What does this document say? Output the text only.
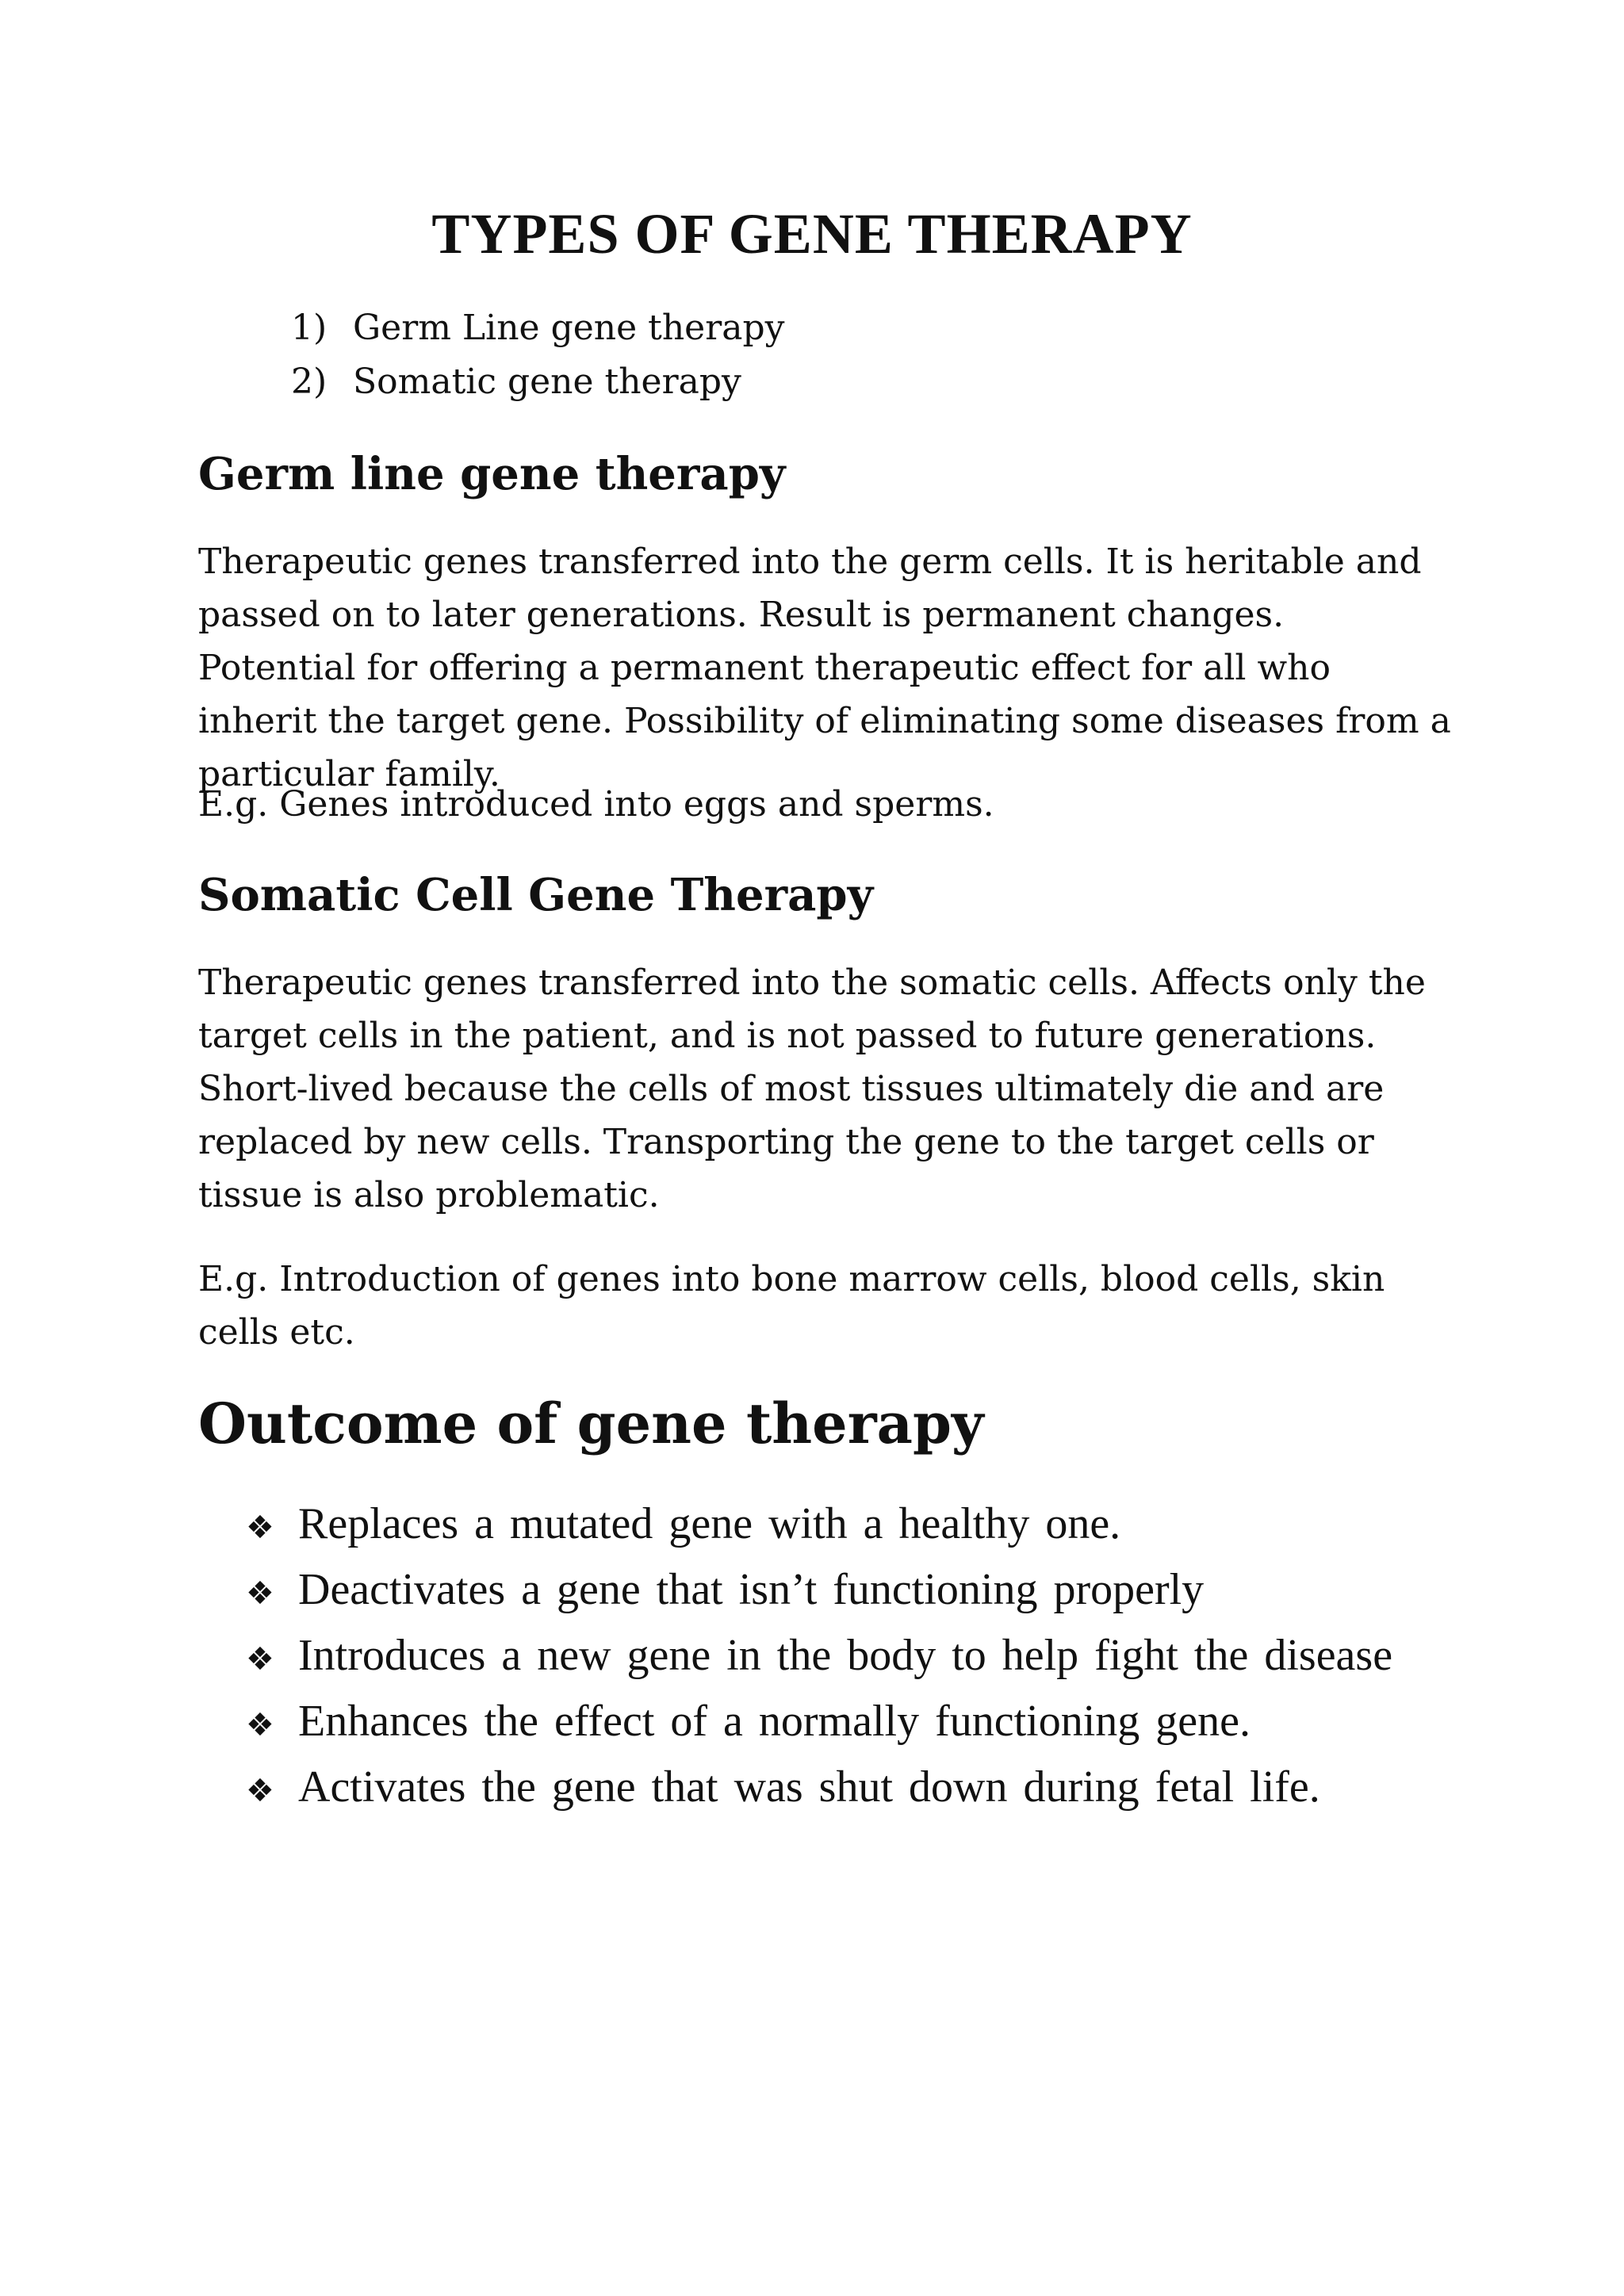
TYPES OF GENE THERAPY
1) Germ Line gene therapy
2) Somatic gene therapy
Germ line gene therapy

Therapeutic genes transferred into the germ cells. It is heritable and passed on to later generations. Result is permanent changes. Potential for offering a permanent therapeutic effect for all who inherit the target gene. Possibility of eliminating some diseases from a particular family.

E.g. Genes introduced into eggs and sperms.

Somatic Cell Gene Therapy

Therapeutic genes transferred into the somatic cells. Affects only the target cells in the patient, and is not passed to future generations. Short-lived because the cells of most tissues ultimately die and are replaced by new cells. Transporting the gene to the target cells or tissue is also problematic.

E.g. Introduction of genes into bone marrow cells, blood cells, skin cells etc.

Outcome of gene therapy
❖ Replaces a mutated gene with a healthy one.
❖ Deactivates a gene that isn’t functioning properly
❖ Introduces a new gene in the body to help fight the disease
❖ Enhances the effect of a normally functioning gene.
❖ Activates the gene that was shut down during fetal life.
